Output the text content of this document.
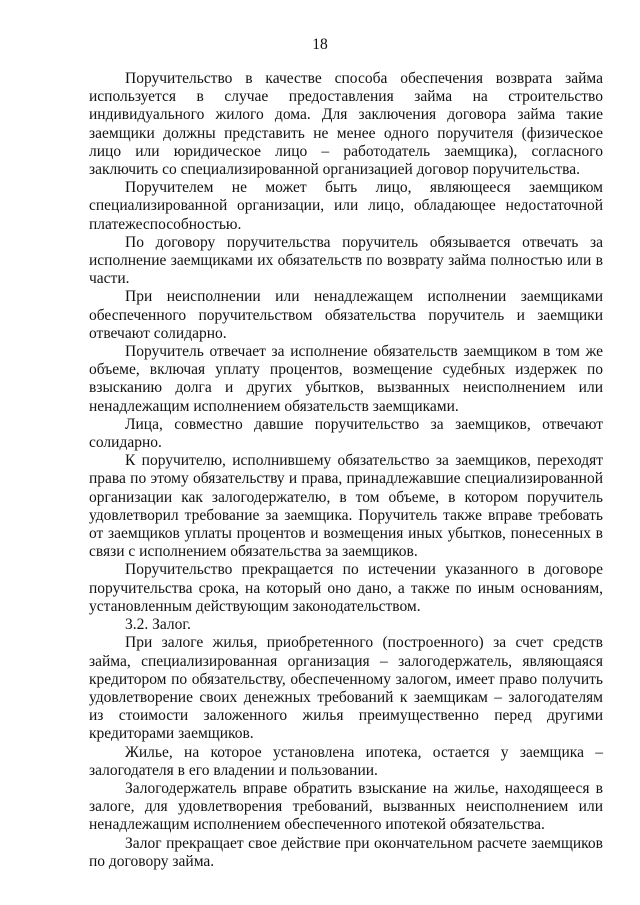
18

Поручительство в качестве способа обеспечения возврата займа используется в случае предоставления займа на строительство индивидуального жилого дома. Для заключения договора займа такие заемщики должны представить не менее одного поручителя (физическое лицо или юридическое лицо – работодатель заемщика), согласного заключить со специализированной организацией договор поручительства.

Поручителем не может быть лицо, являющееся заемщиком специализированной организации, или лицо, обладающее недостаточной платежеспособностью.

По договору поручительства поручитель обязывается отвечать за исполнение заемщиками их обязательств по возврату займа полностью или в части.

При неисполнении или ненадлежащем исполнении заемщиками обеспеченного поручительством обязательства поручитель и заемщики отвечают солидарно.

Поручитель отвечает за исполнение обязательств заемщиком в том же объеме, включая уплату процентов, возмещение судебных издержек по взысканию долга и других убытков, вызванных неисполнением или ненадлежащим исполнением обязательств заемщиками.

Лица, совместно давшие поручительство за заемщиков, отвечают солидарно.

К поручителю, исполнившему обязательство за заемщиков, переходят права по этому обязательству и права, принадлежавшие специализированной организации как залогодержателю, в том объеме, в котором поручитель удовлетворил требование за заемщика. Поручитель также вправе требовать от заемщиков уплаты процентов и возмещения иных убытков, понесенных в связи с исполнением обязательства за заемщиков.

Поручительство прекращается по истечении указанного в договоре поручительства срока, на который оно дано, а также по иным основаниям, установленным действующим законодательством.

3.2. Залог.

При залоге жилья, приобретенного (построенного) за счет средств займа, специализированная организация – залогодержатель, являющаяся кредитором по обязательству, обеспеченному залогом, имеет право получить удовлетворение своих денежных требований к заемщикам – залогодателям из стоимости заложенного жилья преимущественно перед другими кредиторами заемщиков.

Жилье, на которое установлена ипотека, остается у заемщика – залогодателя в его владении и пользовании.

Залогодержатель вправе обратить взыскание на жилье, находящееся в залоге, для удовлетворения требований, вызванных неисполнением или ненадлежащим исполнением обеспеченного ипотекой обязательства.

Залог прекращает свое действие при окончательном расчете заемщиков по договору займа.
